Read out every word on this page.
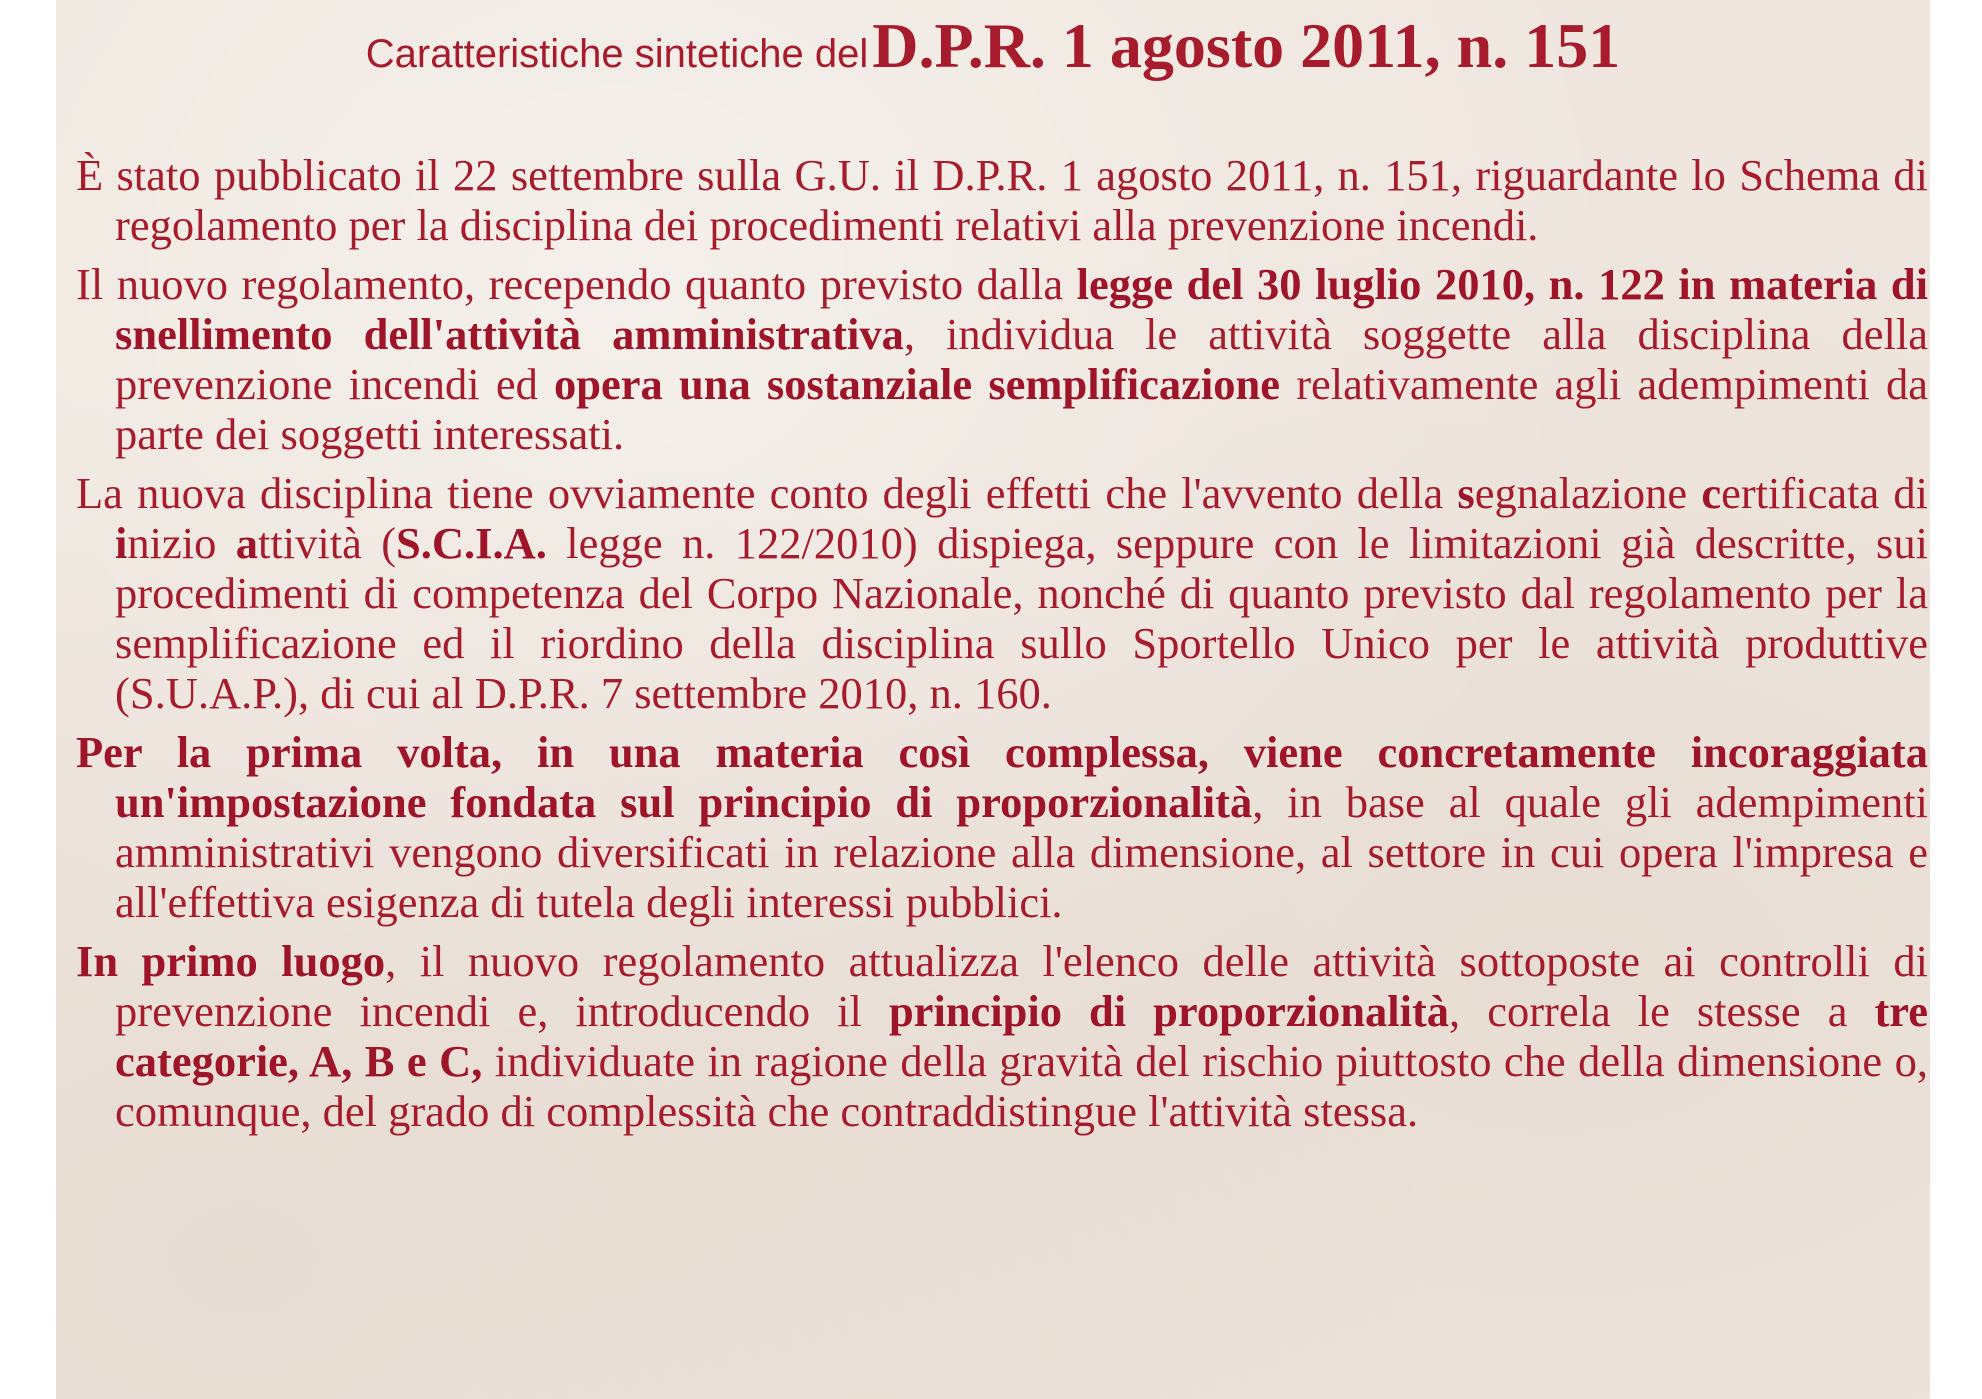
Caratteristiche sintetiche del D.P.R. 1 agosto 2011, n. 151

È stato pubblicato il 22 settembre sulla G.U. il D.P.R. 1 agosto 2011, n. 151, riguardante lo Schema di regolamento per la disciplina dei procedimenti relativi alla prevenzione incendi.

Il nuovo regolamento, recependo quanto previsto dalla legge del 30 luglio 2010, n. 122 in materia di snellimento dell'attività amministrativa, individua le attività soggette alla disciplina della prevenzione incendi ed opera una sostanziale semplificazione relativamente agli adempimenti da parte dei soggetti interessati.

La nuova disciplina tiene ovviamente conto degli effetti che l'avvento della segnalazione certificata di inizio attività (S.C.I.A. legge n. 122/2010) dispiega, seppure con le limitazioni già descritte, sui procedimenti di competenza del Corpo Nazionale, nonché di quanto previsto dal regolamento per la semplificazione ed il riordino della disciplina sullo Sportello Unico per le attività produttive (S.U.A.P.), di cui al D.P.R. 7 settembre 2010, n. 160.

Per la prima volta, in una materia così complessa, viene concretamente incoraggiata un'impostazione fondata sul principio di proporzionalità, in base al quale gli adempimenti amministrativi vengono diversificati in relazione alla dimensione, al settore in cui opera l'impresa e all'effettiva esigenza di tutela degli interessi pubblici.

In primo luogo, il nuovo regolamento attualizza l'elenco delle attività sottoposte ai controlli di prevenzione incendi e, introducendo il principio di proporzionalità, correla le stesse a tre categorie, A, B e C, individuate in ragione della gravità del rischio piuttosto che della dimensione o, comunque, del grado di complessità che contraddistingue l'attività stessa.
